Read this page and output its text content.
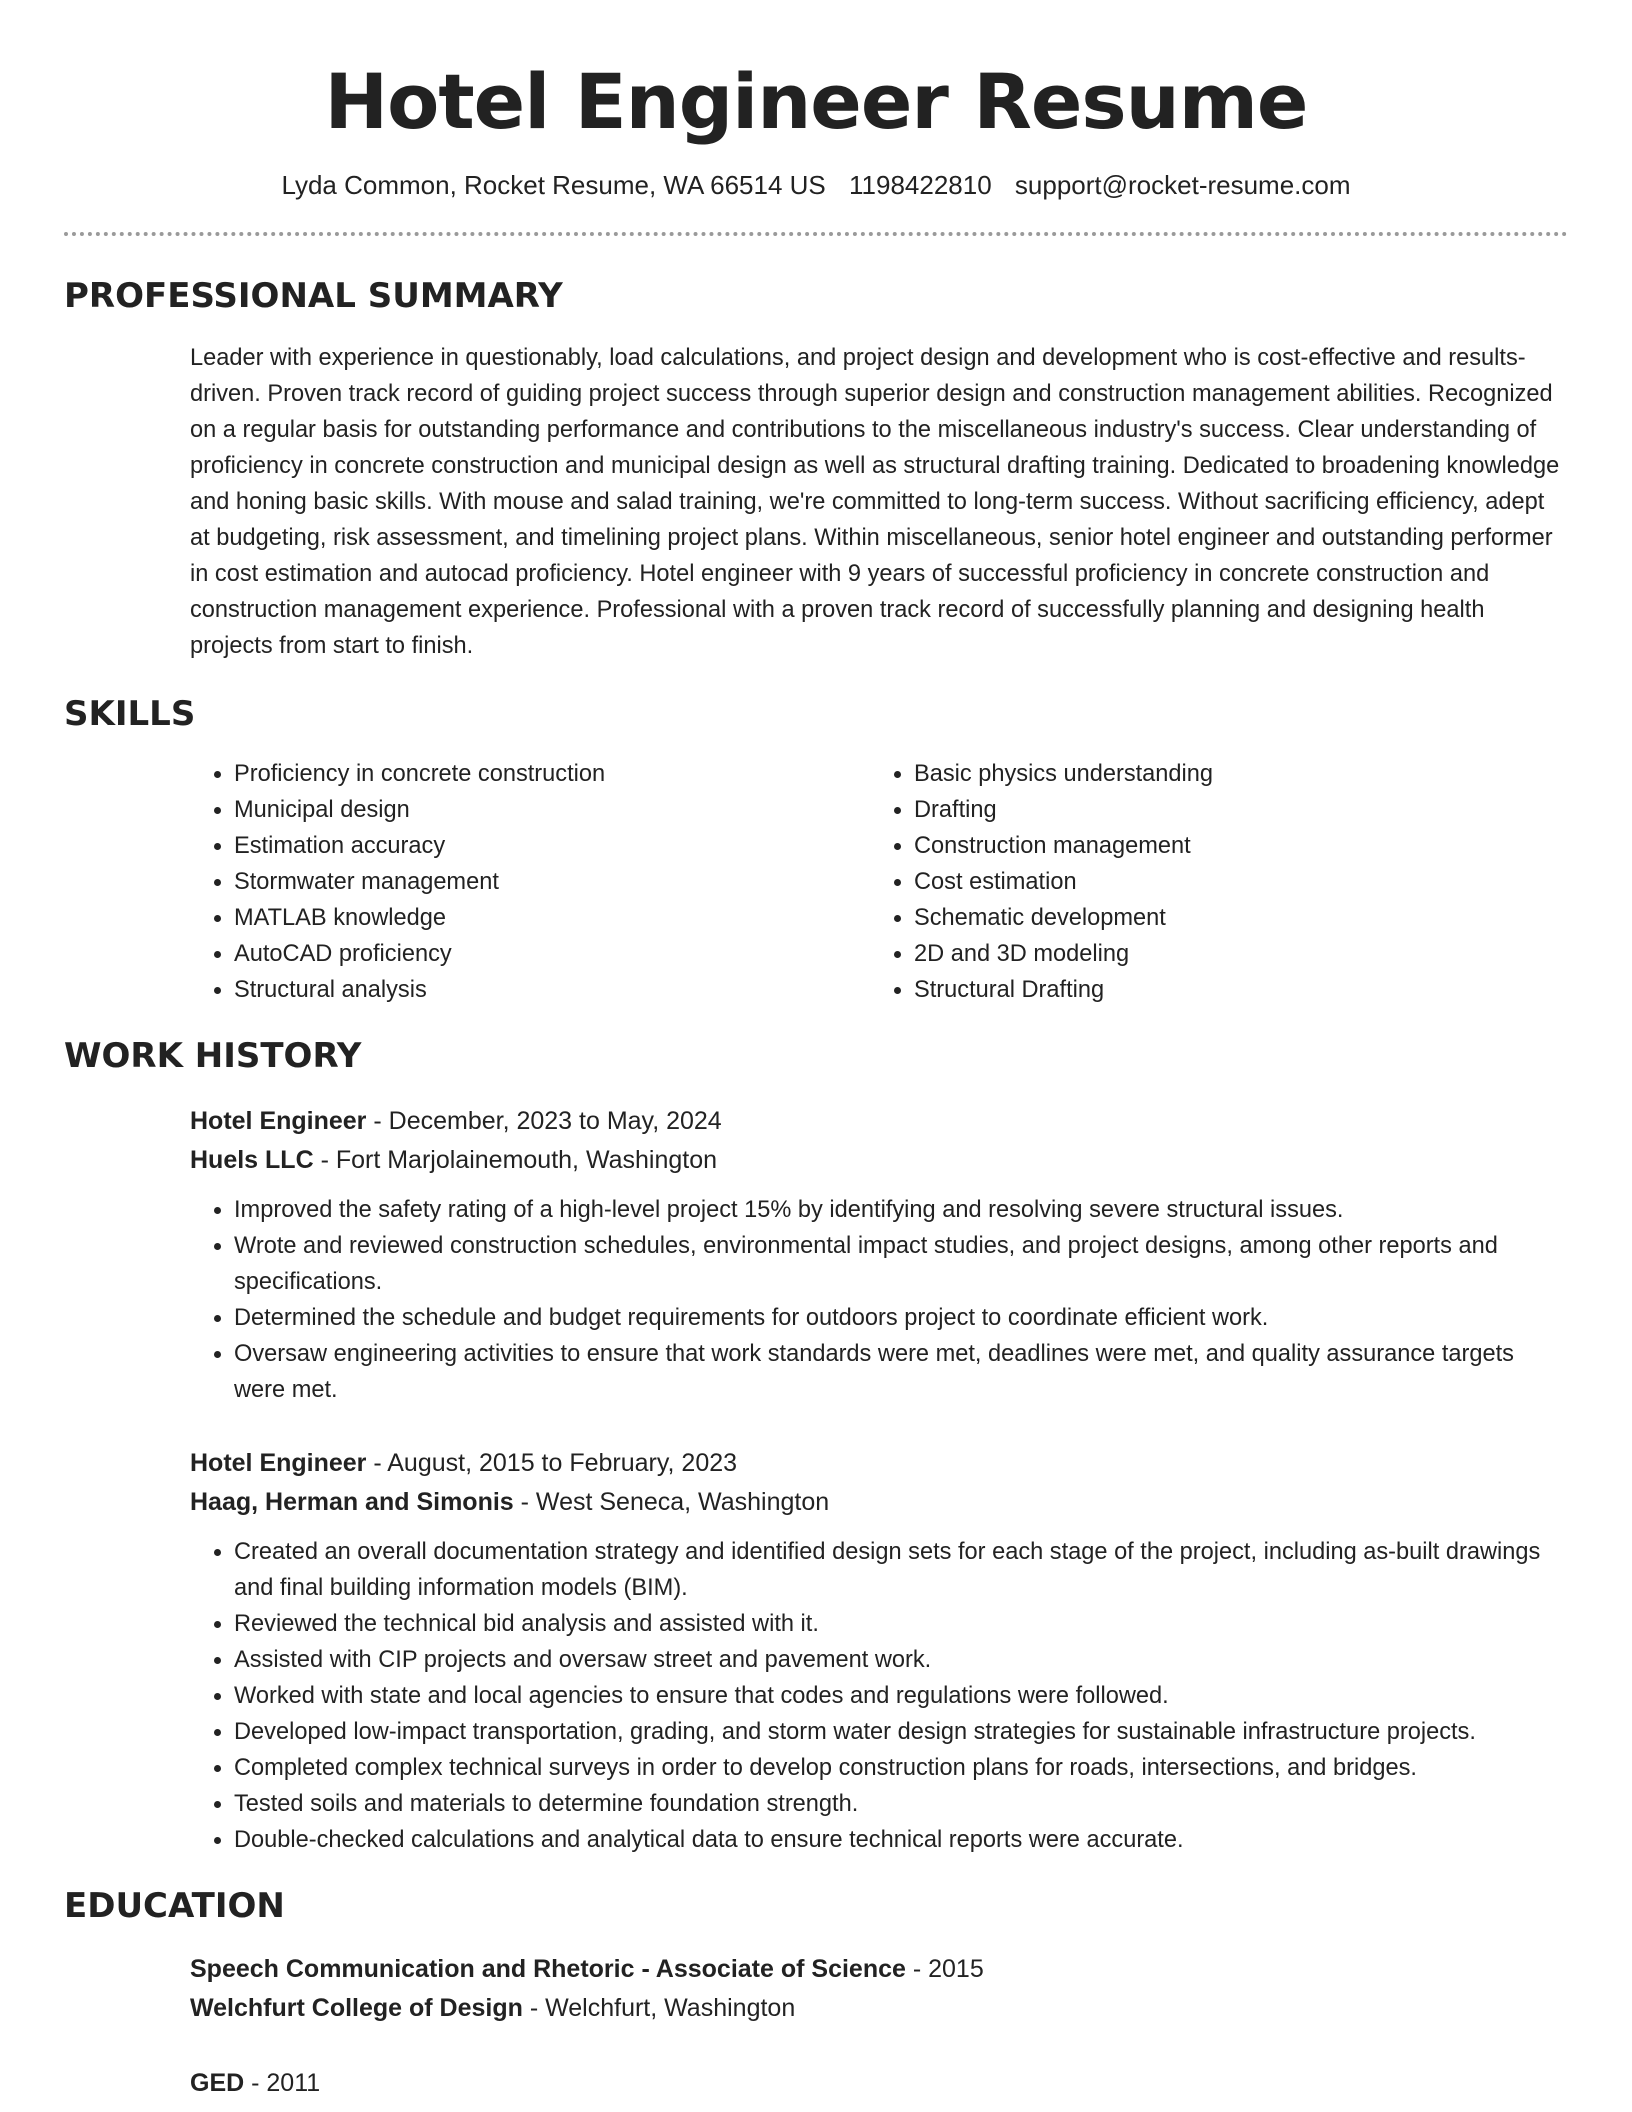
Hotel Engineer Resume
Lyda Common, Rocket Resume, WA 66514 US 1198422810 support@rocket-resume.com
PROFESSIONAL SUMMARY

Leader with experience in questionably, load calculations, and project design and development who is cost-effective and results-driven. Proven track record of guiding project success through superior design and construction management abilities. Recognized on a regular basis for outstanding performance and contributions to the miscellaneous industry's success. Clear understanding of proficiency in concrete construction and municipal design as well as structural drafting training. Dedicated to broadening knowledge and honing basic skills. With mouse and salad training, we're committed to long-term success. Without sacrificing efficiency, adept at budgeting, risk assessment, and timelining project plans. Within miscellaneous, senior hotel engineer and outstanding performer in cost estimation and autocad proficiency. Hotel engineer with 9 years of successful proficiency in concrete construction and construction management experience. Professional with a proven track record of successfully planning and designing health projects from start to finish.

SKILLS
• Proficiency in concrete construction
• Municipal design
• Estimation accuracy
• Stormwater management
• MATLAB knowledge
• AutoCAD proficiency
• Structural analysis
• Basic physics understanding
• Drafting
• Construction management
• Cost estimation
• Schematic development
• 2D and 3D modeling
• Structural Drafting
WORK HISTORY
Hotel Engineer - December, 2023 to May, 2024
Huels LLC - Fort Marjolainemouth, Washington
• Improved the safety rating of a high-level project 15% by identifying and resolving severe structural issues.
• Wrote and reviewed construction schedules, environmental impact studies, and project designs, among other reports and specifications.
• Determined the schedule and budget requirements for outdoors project to coordinate efficient work.
• Oversaw engineering activities to ensure that work standards were met, deadlines were met, and quality assurance targets were met.
Hotel Engineer - August, 2015 to February, 2023
Haag, Herman and Simonis - West Seneca, Washington
• Created an overall documentation strategy and identified design sets for each stage of the project, including as-built drawings and final building information models (BIM).
• Reviewed the technical bid analysis and assisted with it.
• Assisted with CIP projects and oversaw street and pavement work.
• Worked with state and local agencies to ensure that codes and regulations were followed.
• Developed low-impact transportation, grading, and storm water design strategies for sustainable infrastructure projects.
• Completed complex technical surveys in order to develop construction plans for roads, intersections, and bridges.
• Tested soils and materials to determine foundation strength.
• Double-checked calculations and analytical data to ensure technical reports were accurate.
EDUCATION
Speech Communication and Rhetoric - Associate of Science - 2015
Welchfurt College of Design - Welchfurt, Washington
GED - 2011
